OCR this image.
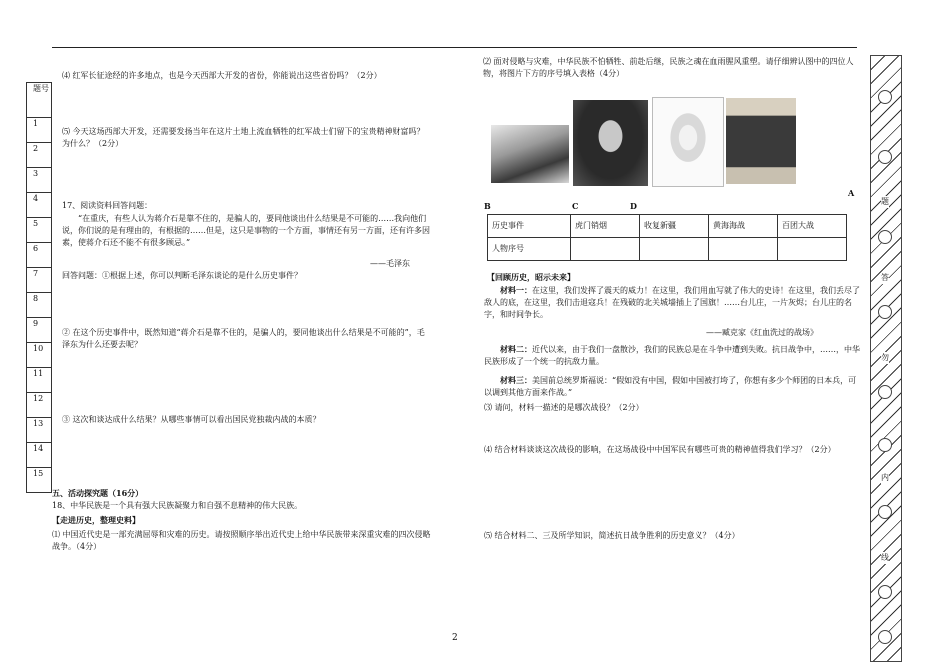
题号
1
2
3
4
5
6
7
8
9
10
11
12
13
14
15

⑷ 红军长征途经的许多地点，也是今天西部大开发的省份，你能说出这些省份吗？（2分）

⑸ 今天这场西部大开发，还需要发扬当年在这片土地上流血牺牲的红军战士们留下的宝贵精神财富吗？为什么？（2分）

17、阅读资料回答问题：

“在重庆，有些人认为蒋介石是靠不住的，是骗人的，要同他谈出什么结果是不可能的……我向他们说，你们说的是有理由的，有根据的……但是，这只是事物的一个方面，事情还有另一方面，还有许多因素，使蒋介石还不能不有很多顾忌。”

——毛泽东

回答问题：①根据上述，你可以判断毛泽东谈论的是什么历史事件？

② 在这个历史事件中，既然知道“蒋介石是靠不住的，是骗人的，要同他谈出什么结果是不可能的”，毛泽东为什么还要去呢？

③ 这次和谈达成什么结果？从哪些事情可以看出国民党独裁内战的本质？

五、活动探究题（16分）

18、中华民族是一个具有强大民族凝聚力和自强不息精神的伟大民族。

【走进历史，整理史料】

⑴ 中国近代史是一部充满屈辱和灾难的历史。请按照顺序举出近代史上给中华民族带来深重灾难的四次侵略战争。（4分）

⑵ 面对侵略与灾难，中华民族不怕牺牲、前赴后继，民族之魂在血雨腥风重塑。请仔细辨认图中的四位人物，将图片下方的序号填入表格（4分）

A

B	C	D

历史事件	虎门销烟	收复新疆	黄海海战	百团大战
人物序号				

【回顾历史，昭示未来】

材料一：在这里，我们发挥了震天的威力！在这里，我们用血写就了伟大的史诗！在这里，我们丢尽了敌人的底，在这里，我们击退寇兵！在残破的北关城墙插上了国旗！……台儿庄，一片灰烬；台儿庄的名字，和时间争长。

——臧克家《红血洗过的战场》

材料二：近代以来，由于我们一盘散沙，我们的民族总是在斗争中遭到失败。抗日战争中，……，中华民族形成了一个统一的抗敌力量。

材料三：美国前总统罗斯福说：“假如没有中国，假如中国被打垮了，你想有多少个师团的日本兵，可以调到其他方面来作战。”

⑶ 请问，材料一描述的是哪次战役？（2分）

⑷ 结合材料谈谈这次战役的影响，在这场战役中中国军民有哪些可贵的精神值得我们学习？（2分）

⑸ 结合材料二、三及所学知识，简述抗日战争胜利的历史意义？（4分）

题
答
勿
内
线
2
